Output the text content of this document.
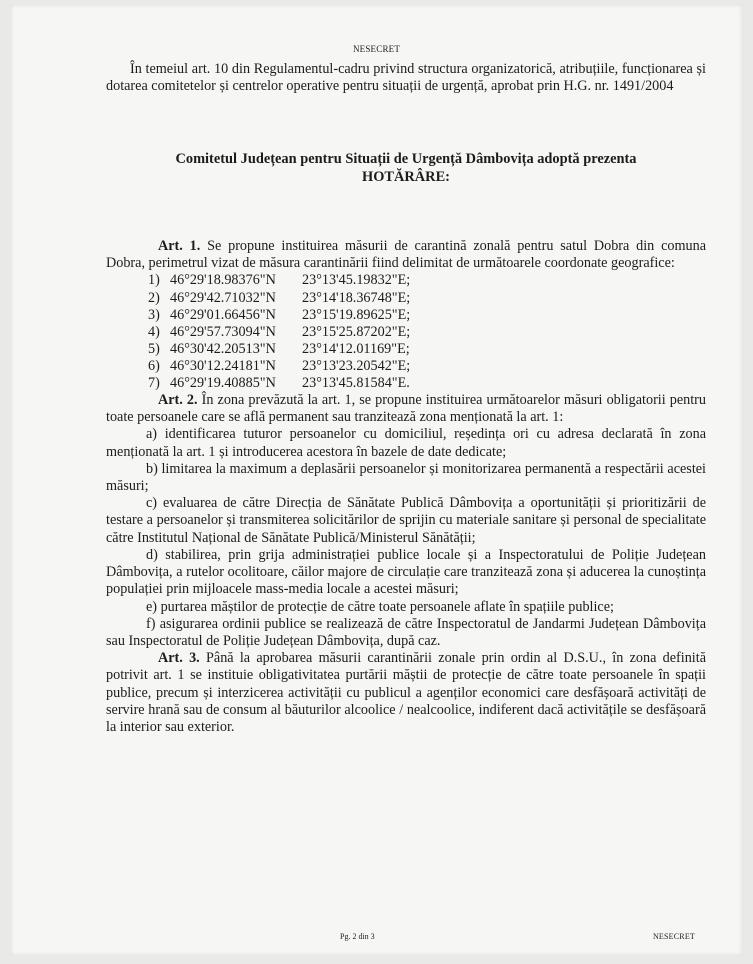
NESECRET
În temeiul art. 10 din Regulamentul-cadru privind structura organizatorică, atribuțiile, funcționarea și dotarea comitetelor și centrelor operative pentru situații de urgență, aprobat prin H.G. nr. 1491/2004
Comitetul Județean pentru Situații de Urgență Dâmbovița adoptă prezenta
HOTĂRÂRE:

Art. 1. Se propune instituirea măsurii de carantină zonală pentru satul Dobra din comuna Dobra, perimetrul vizat de măsura carantinării fiind delimitat de următoarele coordonate geografice:

1) 46°29'18.98376"N 23°13'45.19832"E;
2) 46°29'42.71032"N 23°14'18.36748"E;
3) 46°29'01.66456"N 23°15'19.89625"E;
4) 46°29'57.73094"N 23°15'25.87202"E;
5) 46°30'42.20513"N 23°14'12.01169"E;
6) 46°30'12.24181"N 23°13'23.20542"E;
7) 46°29'19.40885"N 23°13'45.81584"E.

Art. 2. În zona prevăzută la art. 1, se propune instituirea următoarelor măsuri obligatorii pentru toate persoanele care se află permanent sau tranzitează zona menționată la art. 1:

a) identificarea tuturor persoanelor cu domiciliul, reședința ori cu adresa declarată în zona menționată la art. 1 și introducerea acestora în bazele de date dedicate;

b) limitarea la maximum a deplasării persoanelor și monitorizarea permanentă a respectării acestei măsuri;

c) evaluarea de către Direcția de Sănătate Publică Dâmbovița a oportunității și prioritizării de testare a persoanelor și transmiterea solicitărilor de sprijin cu materiale sanitare și personal de specialitate către Institutul Național de Sănătate Publică/Ministerul Sănătății;

d) stabilirea, prin grija administrației publice locale și a Inspectoratului de Poliție Județean Dâmbovița, a rutelor ocolitoare, căilor majore de circulație care tranzitează zona și aducerea la cunoștința populației prin mijloacele mass-media locale a acestei măsuri;

e) purtarea măștilor de protecție de către toate persoanele aflate în spațiile publice;

f) asigurarea ordinii publice se realizează de către Inspectoratul de Jandarmi Județean Dâmbovița sau Inspectoratul de Poliție Județean Dâmbovița, după caz.

Art. 3. Până la aprobarea măsurii carantinării zonale prin ordin al D.S.U., în zona definită potrivit art. 1 se instituie obligativitatea purtării măștii de protecție de către toate persoanele în spații publice, precum și interzicerea activității cu publicul a agenților economici care desfășoară activități de servire hrană sau de consum al băuturilor alcoolice / nealcoolice, indiferent dacă activitățile se desfășoară la interior sau exterior.

Pg. 2 din 3	NESECRET
